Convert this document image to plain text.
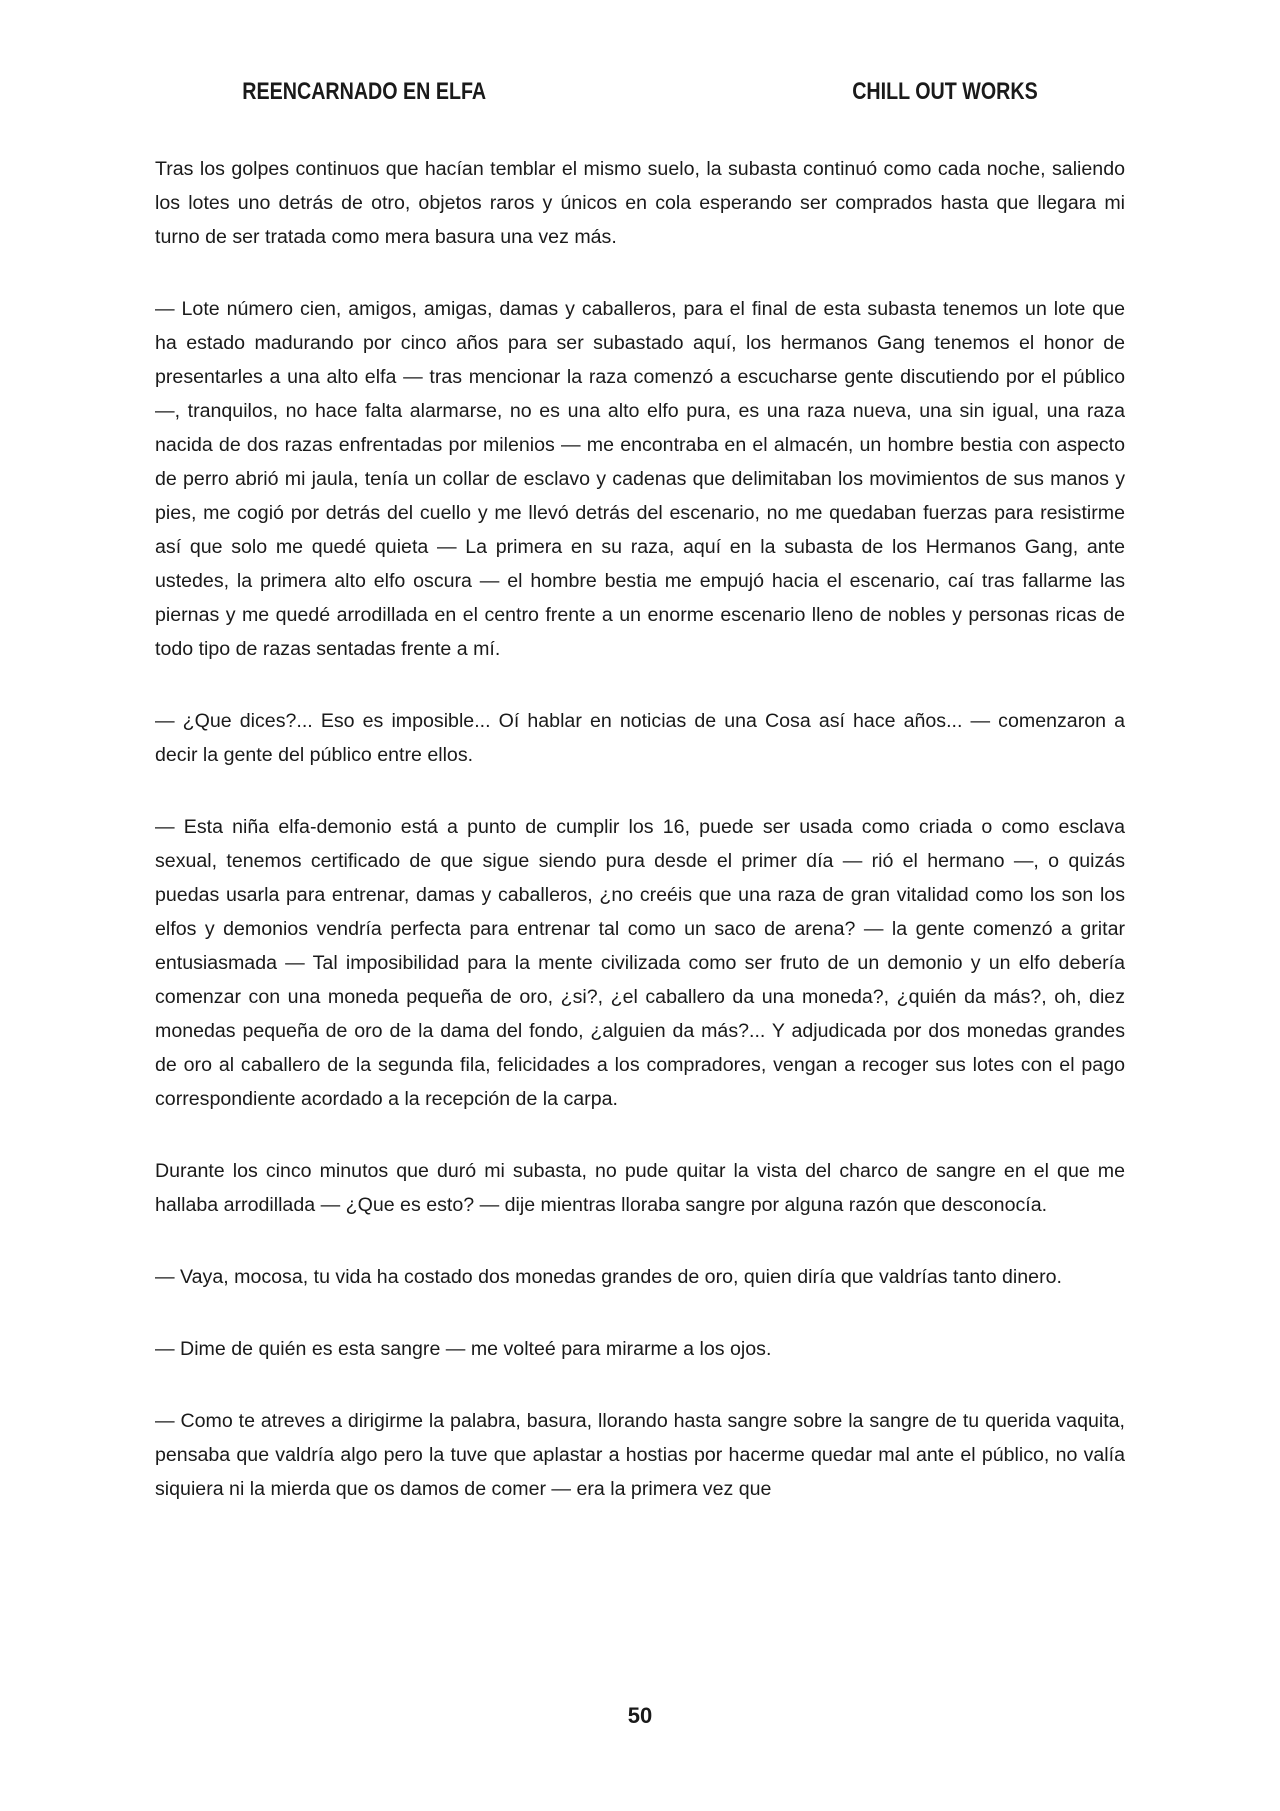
REENCARNADO EN ELFA	CHILL OUT WORKS

Tras los golpes continuos que hacían temblar el mismo suelo, la subasta continuó como cada noche, saliendo los lotes uno detrás de otro, objetos raros y únicos en cola esperando ser comprados hasta que llegara mi turno de ser tratada como mera basura una vez más.

— Lote número cien, amigos, amigas, damas y caballeros, para el final de esta subasta tenemos un lote que ha estado madurando por cinco años para ser subastado aquí, los hermanos Gang tenemos el honor de presentarles a una alto elfa — tras mencionar la raza comenzó a escucharse gente discutiendo por el público —, tranquilos, no hace falta alarmarse, no es una alto elfo pura, es una raza nueva, una sin igual, una raza nacida de dos razas enfrentadas por milenios — me encontraba en el almacén, un hombre bestia con aspecto de perro abrió mi jaula, tenía un collar de esclavo y cadenas que delimitaban los movimientos de sus manos y pies, me cogió por detrás del cuello y me llevó detrás del escenario, no me quedaban fuerzas para resistirme así que solo me quedé quieta — La primera en su raza, aquí en la subasta de los Hermanos Gang, ante ustedes, la primera alto elfo oscura — el hombre bestia me empujó hacia el escenario, caí tras fallarme las piernas y me quedé arrodillada en el centro frente a un enorme escenario lleno de nobles y personas ricas de todo tipo de razas sentadas frente a mí.

— ¿Que dices?... Eso es imposible... Oí hablar en noticias de una Cosa así hace años... — comenzaron a decir la gente del público entre ellos.

— Esta niña elfa-demonio está a punto de cumplir los 16, puede ser usada como criada o como esclava sexual, tenemos certificado de que sigue siendo pura desde el primer día — rió el hermano —, o quizás puedas usarla para entrenar, damas y caballeros, ¿no creéis que una raza de gran vitalidad como los son los elfos y demonios vendría perfecta para entrenar tal como un saco de arena? — la gente comenzó a gritar entusiasmada — Tal imposibilidad para la mente civilizada como ser fruto de un demonio y un elfo debería comenzar con una moneda pequeña de oro, ¿si?, ¿el caballero da una moneda?, ¿quién da más?, oh, diez monedas pequeña de oro de la dama del fondo, ¿alguien da más?... Y adjudicada por dos monedas grandes de oro al caballero de la segunda fila, felicidades a los compradores, vengan a recoger sus lotes con el pago correspondiente acordado a la recepción de la carpa.

Durante los cinco minutos que duró mi subasta, no pude quitar la vista del charco de sangre en el que me hallaba arrodillada — ¿Que es esto? — dije mientras lloraba sangre por alguna razón que desconocía.

— Vaya, mocosa, tu vida ha costado dos monedas grandes de oro, quien diría que valdrías tanto dinero.

— Dime de quién es esta sangre — me volteé para mirarme a los ojos.

— Como te atreves a dirigirme la palabra, basura, llorando hasta sangre sobre la sangre de tu querida vaquita, pensaba que valdría algo pero la tuve que aplastar a hostias por hacerme quedar mal ante el público, no valía siquiera ni la mierda que os damos de comer — era la primera vez que

50
